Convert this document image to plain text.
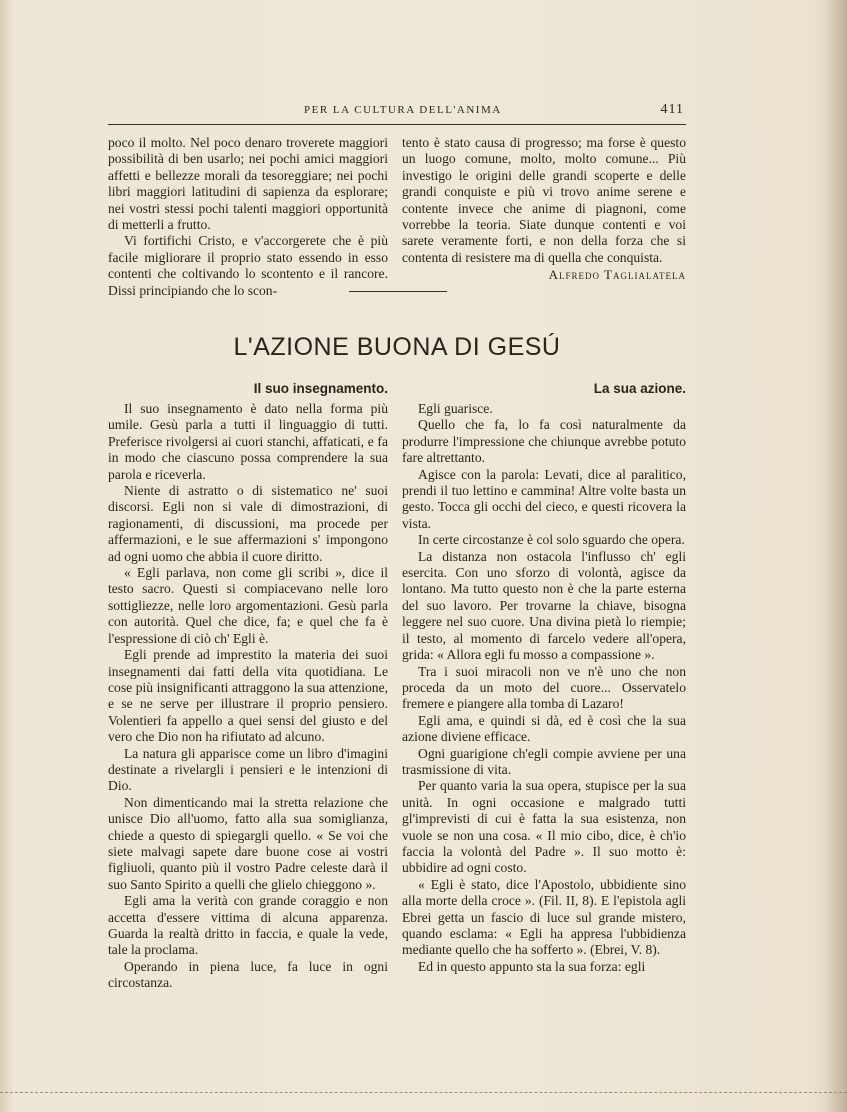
PER LA CULTURA DELL'ANIMA	411

poco il molto. Nel poco denaro troverete maggiori possibilità di ben usarlo; nei pochi amici maggiori affetti e bellezze morali da tesoreggiare; nei pochi libri maggiori latitudini di sapienza da esplorare; nei vostri stessi pochi talenti maggiori opportunità di metterli a frutto.

Vi fortifichi Cristo, e v'accorgerete che è più facile migliorare il proprio stato essendo in esso contenti che coltivando lo scontento e il rancore. Dissi principiando che lo scon-

tento è stato causa di progresso; ma forse è questo un luogo comune, molto, molto comune... Più investigo le origini delle grandi scoperte e delle grandi conquiste e più vi trovo anime serene e contente invece che anime di piagnoni, come vorrebbe la teoria. Siate dunque contenti e voi sarete veramente forti, e non della forza che si contenta di resistere ma di quella che conquista.

Alfredo Taglialatela
L'AZIONE BUONA DI GESÚ
Il suo insegnamento.	La sua azione.

Il suo insegnamento è dato nella forma più umile. Gesù parla a tutti il linguaggio di tutti. Preferisce rivolgersi ai cuori stanchi, affaticati, e fa in modo che ciascuno possa comprendere la sua parola e riceverla.

Niente di astratto o di sistematico ne' suoi discorsi. Egli non si vale di dimostrazioni, di ragionamenti, di discussioni, ma procede per affermazioni, e le sue affermazioni s' impongono ad ogni uomo che abbia il cuore diritto.

« Egli parlava, non come gli scribi », dice il testo sacro. Questi si compiacevano nelle loro sottigliezze, nelle loro argomentazioni. Gesù parla con autorità. Quel che dice, fa; e quel che fa è l'espressione di ciò ch' Egli è.

Egli prende ad imprestito la materia dei suoi insegnamenti dai fatti della vita quotidiana. Le cose più insignificanti attraggono la sua attenzione, e se ne serve per illustrare il proprio pensiero. Volentieri fa appello a quei sensi del giusto e del vero che Dio non ha rifiutato ad alcuno.

La natura gli apparisce come un libro d'imagini destinate a rivelargli i pensieri e le intenzioni di Dio.

Non dimenticando mai la stretta relazione che unisce Dio all'uomo, fatto alla sua somiglianza, chiede a questo di spiegargli quello. « Se voi che siete malvagi sapete dare buone cose ai vostri figliuoli, quanto più il vostro Padre celeste darà il suo Santo Spirito a quelli che glielo chieggono ».

Egli ama la verità con grande coraggio e non accetta d'essere vittima di alcuna apparenza. Guarda la realtà dritto in faccia, e quale la vede, tale la proclama.

Operando in piena luce, fa luce in ogni circostanza.

Egli guarisce.

Quello che fa, lo fa così naturalmente da produrre l'impressione che chiunque avrebbe potuto fare altrettanto.

Agisce con la parola: Levati, dice al paralitico, prendi il tuo lettino e cammina! Altre volte basta un gesto. Tocca gli occhi del cieco, e questi ricovera la vista.

In certe circostanze è col solo sguardo che opera.

La distanza non ostacola l'influsso ch' egli esercita. Con uno sforzo di volontà, agisce da lontano. Ma tutto questo non è che la parte esterna del suo lavoro. Per trovarne la chiave, bisogna leggere nel suo cuore. Una divina pietà lo riempie; il testo, al momento di farcelo vedere all'opera, grida: « Allora egli fu mosso a compassione ».

Tra i suoi miracoli non ve n'è uno che non proceda da un moto del cuore... Osservatelo fremere e piangere alla tomba di Lazaro!

Egli ama, e quindi si dà, ed è così che la sua azione diviene efficace.

Ogni guarigione ch'egli compie avviene per una trasmissione di vita.

Per quanto varia la sua opera, stupisce per la sua unità. In ogni occasione e malgrado tutti gl'imprevisti di cui è fatta la sua esistenza, non vuole se non una cosa. « Il mio cibo, dice, è ch'io faccia la volontà del Padre ». Il suo motto è: ubbidire ad ogni costo.

« Egli è stato, dice l'Apostolo, ubbidiente sino alla morte della croce ». (Fil. II, 8). E l'epistola agli Ebrei getta un fascio di luce sul grande mistero, quando esclama: « Egli ha appresa l'ubbidienza mediante quello che ha sofferto ». (Ebrei, V. 8).

Ed in questo appunto sta la sua forza: egli
